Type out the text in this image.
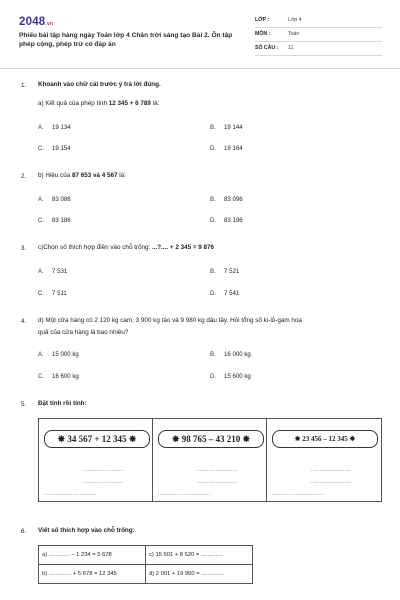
2048.vn
Phiếu bài tập hàng ngày Toán lớp 4 Chân trời sáng tạo Bài 2. Ôn tập phép cộng, phép trừ có đáp án
LỚP :	Lớp 4
MÔN :	Toán
SỐ CÂU : 11
1. Khoanh vào chữ cái trước ý trả lời đúng.
a) Kết quả của phép tính 12 345 + 6 789 là:
A. 19 134	B. 19 144
C. 19 154	D. 19 164
2. b) Hiệu của 87 653 và 4 567 là:
A. 83 086	B. 83 096
C. 83 186	D. 83 196
3. c)Chọn số thích hợp điền vào chỗ trống: ...?.... + 2 345 = 9 876
A. 7 531	B. 7 521
C. 7 511	D. 7 541
4. d) Một cửa hàng có 2 120 kg cam, 3 900 kg táo và 9 980 kg dâu tây. Hỏi tổng số ki-lô-gam hoa
quả của cửa hàng là bao nhiêu?
A. 15 000 kg	B. 16 000 kg
C. 16 600 kg	D. 15 600 kg
5. Đặt tính rồi tính:
✸ 34 567 + 12 345 ✸	✸ 98 765 – 43 210 ✸	✸ 23 456 – 12 345 ✸
........................
........................
...............................
........................
........................
...............................
........................
........................
...............................
6. Viết số thích hợp vào chỗ trống:
a) ............. – 1 234 = 5 678	c) 15 501 + 8 520 = ..............
b) .............. + 5 678 = 12 345	d) 2 001 + 19 950 = ..............
